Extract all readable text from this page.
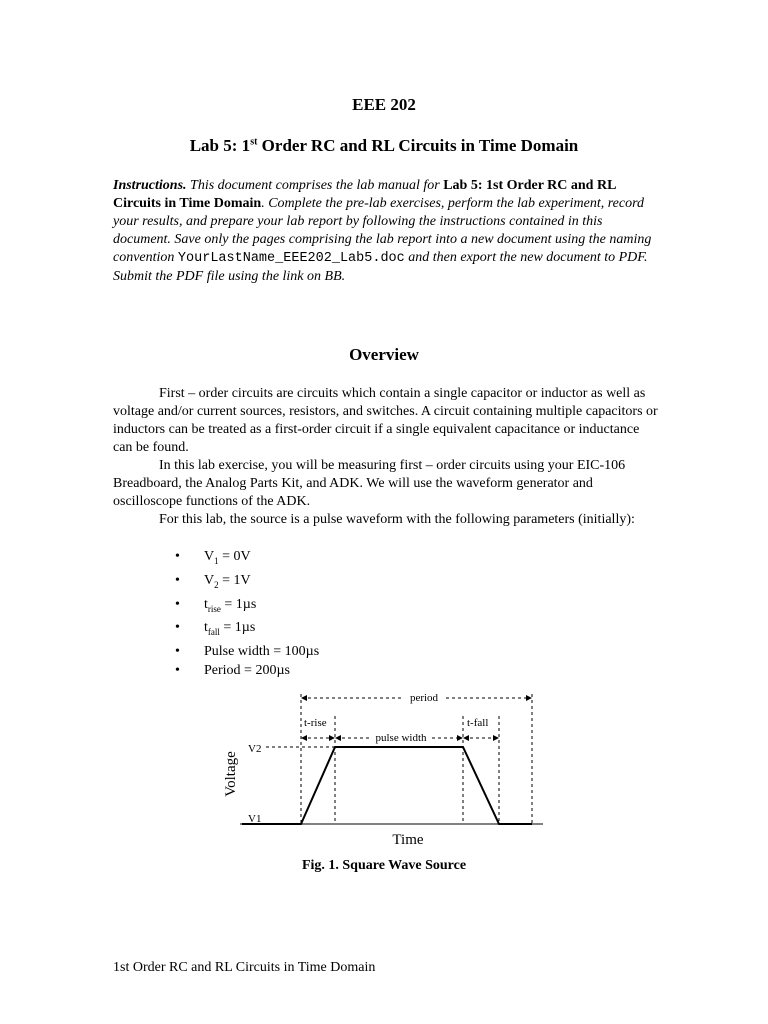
EEE 202
Lab 5: 1st Order RC and RL Circuits in Time Domain
Instructions. This document comprises the lab manual for Lab 5: 1st Order RC and RL Circuits in Time Domain. Complete the pre-lab exercises, perform the lab experiment, record your results, and prepare your lab report by following the instructions contained in this document. Save only the pages comprising the lab report into a new document using the naming convention YourLastName_EEE202_Lab5.doc and then export the new document to PDF. Submit the PDF file using the link on BB.
Overview

First – order circuits are circuits which contain a single capacitor or inductor as well as voltage and/or current sources, resistors, and switches. A circuit containing multiple capacitors or inductors can be treated as a first-order circuit if a single equivalent capacitance or inductance can be found.

In this lab exercise, you will be measuring first – order circuits using your EIC-106 Breadboard, the Analog Parts Kit, and ADK. We will use the waveform generator and oscilloscope functions of the ADK.

For this lab, the source is a pulse waveform with the following parameters (initially):

• $V_1 = 0V$
• $V_2 = 1V$
• $t_{rise} = 1\mu s$
• $t_{fall} = 1\mu s$
• Pulse width = 100µs
• Period = 200µs
period
t-rise
pulse width
t-fall
V2
V1
Voltage
Time
Fig. 1. Square Wave Source
1st Order RC and RL Circuits in Time Domain
